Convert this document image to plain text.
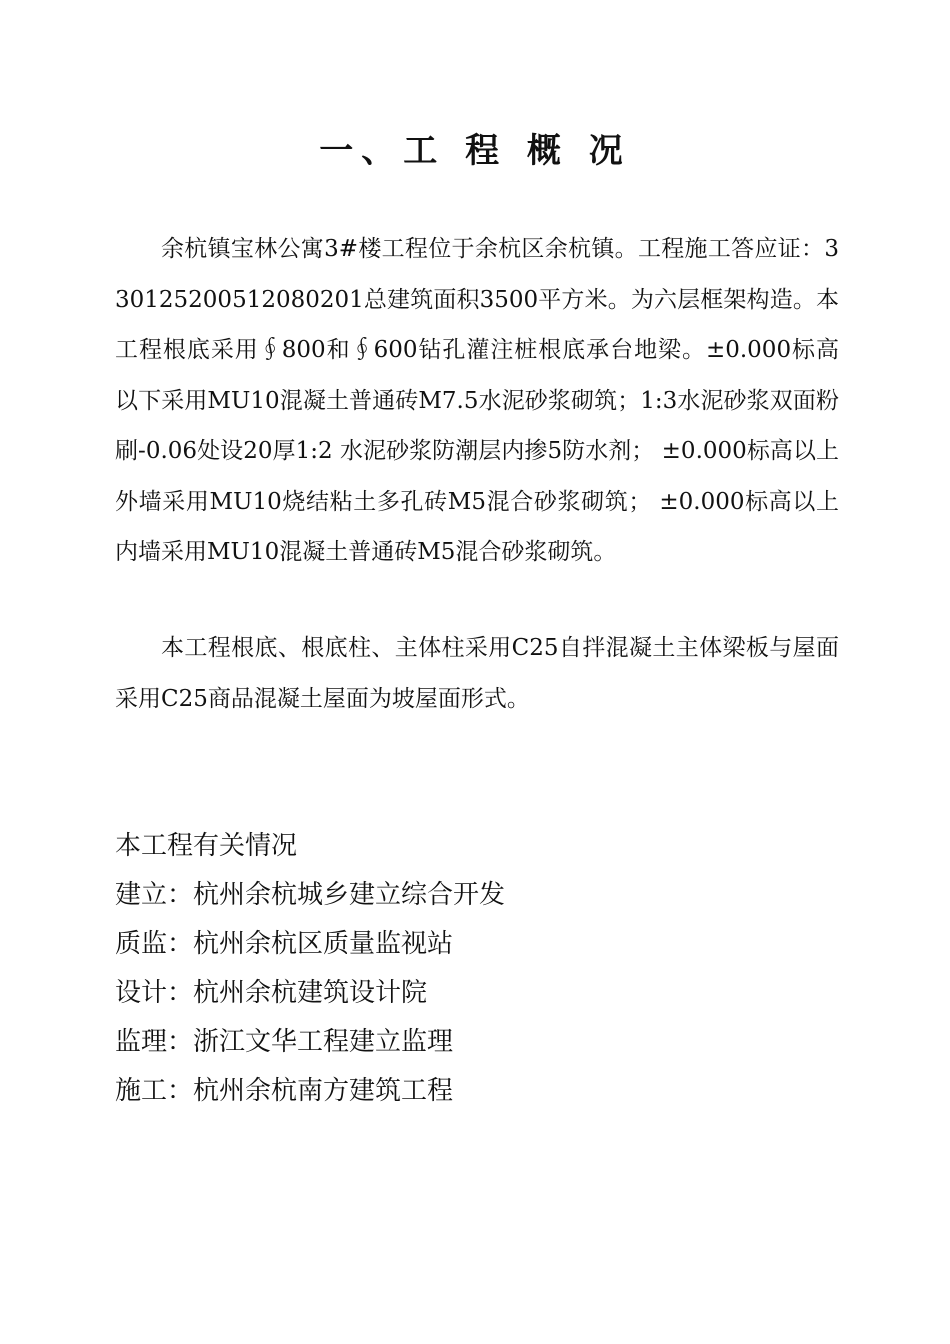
一、工 程 概 况

余杭镇宝林公寓3#楼工程位于余杭区余杭镇。工程施工答应证：330125200512080201总建筑面积3500平方米。为六层框架构造。本工程根底采用∮800和∮600钻孔灌注桩根底承台地梁。±0.000标高以下采用MU10混凝土普通砖M7.5水泥砂浆砌筑；1:3水泥砂浆双面粉刷-0.06处设20厚1:2 水泥砂浆防潮层内掺5防水剂； ±0.000标高以上外墙采用MU10烧结粘土多孔砖M5混合砂浆砌筑； ±0.000标高以上内墙采用MU10混凝土普通砖M5混合砂浆砌筑。

本工程根底、根底柱、主体柱采用C25自拌混凝土主体梁板与屋面采用C25商品混凝土屋面为坡屋面形式。

本工程有关情况
建立：杭州余杭城乡建立综合开发
质监：杭州余杭区质量监视站
设计：杭州余杭建筑设计院
监理：浙江文华工程建立监理
施工：杭州余杭南方建筑工程
